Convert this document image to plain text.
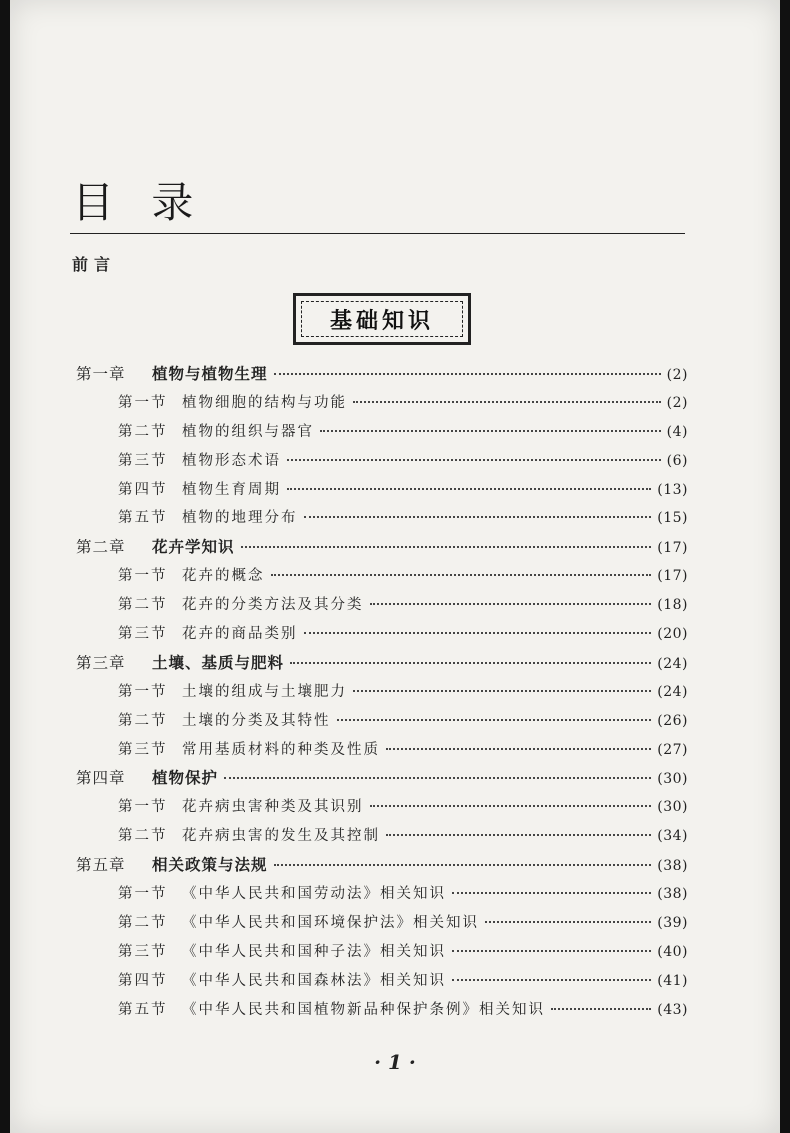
目 录
前言
基础知识
第一章 植物与植物生理	(2)
第一节 植物细胞的结构与功能	(2)
第二节 植物的组织与器官	(4)
第三节 植物形态术语	(6)
第四节 植物生育周期	(13)
第五节 植物的地理分布	(15)
第二章 花卉学知识	(17)
第一节 花卉的概念	(17)
第二节 花卉的分类方法及其分类	(18)
第三节 花卉的商品类别	(20)
第三章 土壤、基质与肥料	(24)
第一节 土壤的组成与土壤肥力	(24)
第二节 土壤的分类及其特性	(26)
第三节 常用基质材料的种类及性质	(27)
第四章 植物保护	(30)
第一节 花卉病虫害种类及其识别	(30)
第二节 花卉病虫害的发生及其控制	(34)
第五章 相关政策与法规	(38)
第一节 《中华人民共和国劳动法》相关知识	(38)
第二节 《中华人民共和国环境保护法》相关知识	(39)
第三节 《中华人民共和国种子法》相关知识	(40)
第四节 《中华人民共和国森林法》相关知识	(41)
第五节 《中华人民共和国植物新品种保护条例》相关知识	(43)
· 1 ·
